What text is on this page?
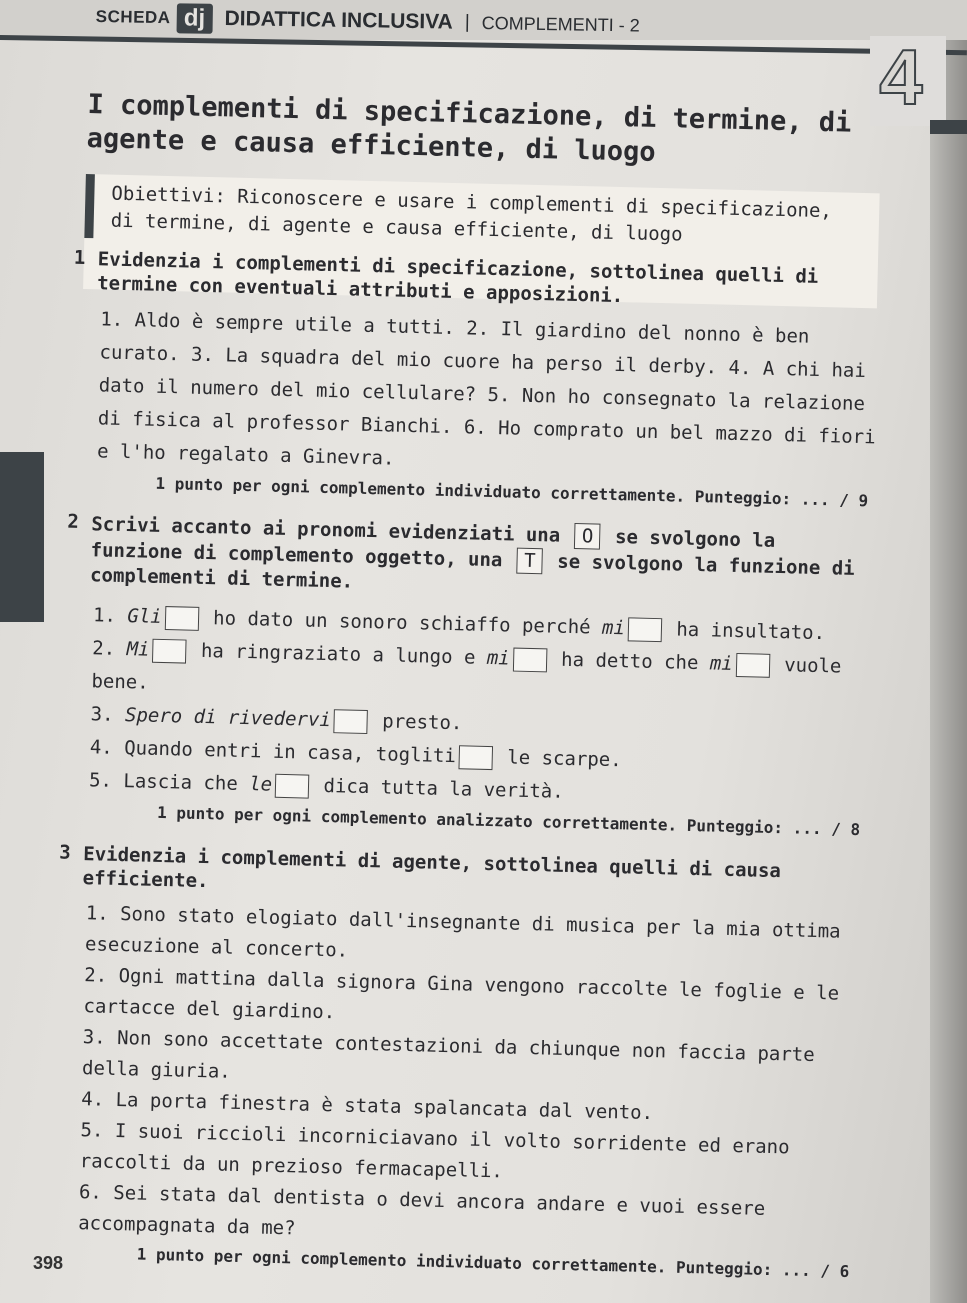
SCHEDA dj DIDATTICA INCLUSIVA | COMPLEMENTI - 2
4
I complementi di specificazione, di termine, di agente e causa efficiente, di luogo
Obiettivi: Riconoscere e usare i complementi di specificazione, di termine, di agente e causa efficiente, di luogo
1 Evidenzia i complementi di specificazione, sottolinea quelli di termine con eventuali attributi e apposizioni.
1. Aldo è sempre utile a tutti. 2. Il giardino del nonno è ben curato. 3. La squadra del mio cuore ha perso il derby. 4. A chi hai dato il numero del mio cellulare? 5. Non ho consegnato la relazione di fisica al professor Bianchi. 6. Ho comprato un bel mazzo di fiori e l'ho regalato a Ginevra.
1 punto per ogni complemento individuato correttamente. Punteggio: ... / 9
2 Scrivi accanto ai pronomi evidenziati una O se svolgono la funzione di complemento oggetto, una T se svolgono la funzione di complementi di termine.
1. Gli	ho dato un sonoro schiaffo perché mi	ha insultato.
2. Mi	ha ringraziato a lungo e mi	ha detto che mi	vuole bene.
3. Spero di rivedervi	presto.
4. Quando entri in casa, togliti	le scarpe.
5. Lascia che le	dica tutta la verità.
1 punto per ogni complemento analizzato correttamente. Punteggio: ... / 8
3 Evidenzia i complementi di agente, sottolinea quelli di causa efficiente.
1. Sono stato elogiato dall'insegnante di musica per la mia ottima esecuzione al concerto.
2. Ogni mattina dalla signora Gina vengono raccolte le foglie e le cartacce del giardino.
3. Non sono accettate contestazioni da chiunque non faccia parte della giuria.
4. La porta finestra è stata spalancata dal vento.
5. I suoi riccioli incorniciavano il volto sorridente ed erano raccolti da un prezioso fermacapelli.
6. Sei stata dal dentista o devi ancora andare e vuoi essere accompagnata da me?
1 punto per ogni complemento individuato correttamente. Punteggio: ... / 6
398
